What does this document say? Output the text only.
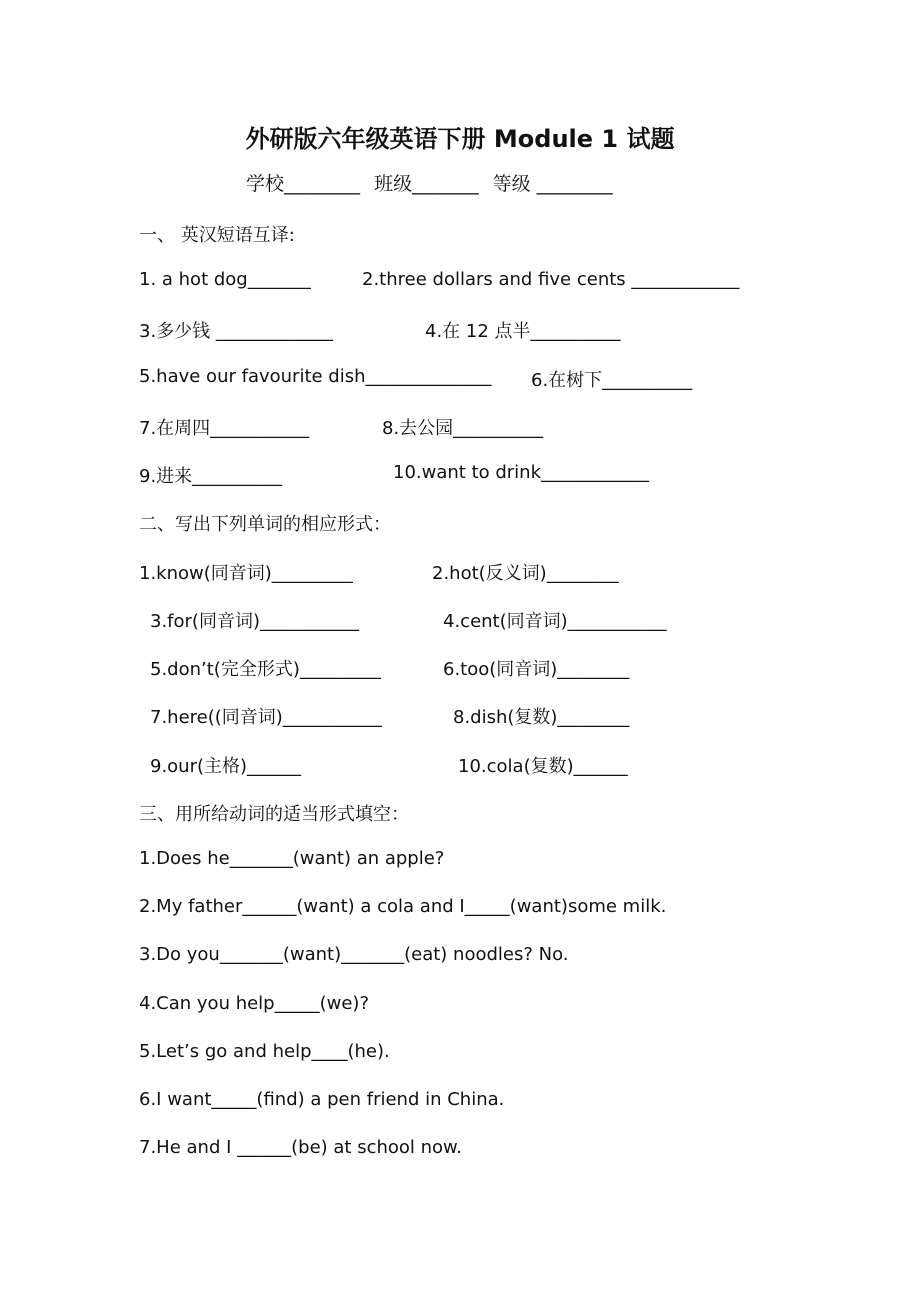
外研版六年级英语下册 Module 1 试题
学校________ 班级_______ 等级 ________
一、 英汉短语互译:
1. a hot dog_______	2.three dollars and five cents ____________
3.多少钱 _____________	4.在 12 点半__________
5.have our favourite dish______________ 6.在树下__________
7.在周四___________	8.去公园__________
9.进来__________	10.want to drink____________
二、写出下列单词的相应形式：
1.know(同音词)_________	2.hot(反义词)________
3.for(同音词)___________	4.cent(同音词)___________
5.don’t(完全形式)_________	6.too(同音词)________
7.here((同音词)___________	8.dish(复数)________
9.our(主格)______	10.cola(复数)______
三、用所给动词的适当形式填空：
1.Does he_______(want) an apple?
2.My father______(want) a cola and I_____(want)some milk.
3.Do you_______(want)_______(eat) noodles? No.
4.Can you help_____(we)?
5.Let’s go and help____(he).
6.I want_____(find) a pen friend in China.
7.He and I ______(be) at school now.
